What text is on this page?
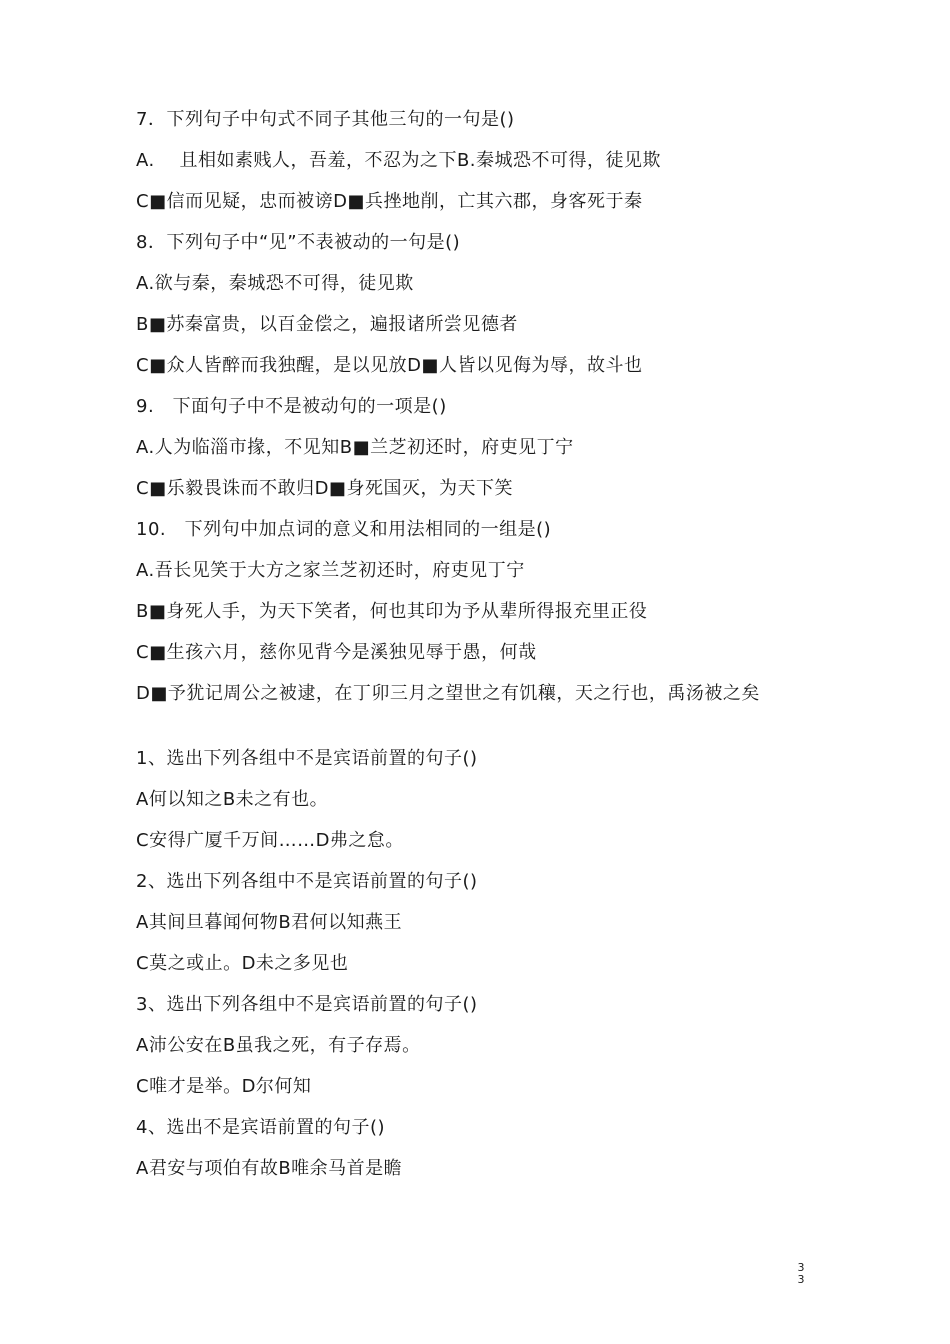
7．下列句子中句式不同子其他三句的一句是()
A.　 且相如素贱人，吾羞，不忍为之下B.秦城恐不可得，徒见欺
C■信而见疑，忠而被谤D■兵挫地削，亡其六郡，身客死于秦
8．下列句子中“见”不表被动的一句是()
A.欲与秦，秦城恐不可得，徒见欺
B■苏秦富贵，以百金偿之，遍报诸所尝见德者
C■众人皆醉而我独醒，是以见放D■人皆以见侮为辱，故斗也
9.　下面句子中不是被动句的一项是()
A.人为临淄市掾，不见知B■兰芝初还时，府吏见丁宁
C■乐毅畏诛而不敢归D■身死国灭，为天下笑
10.　下列句中加点词的意义和用法相同的一组是()
A.吾长见笑于大方之家兰芝初还时，府吏见丁宁
B■身死人手，为天下笑者，何也其印为予从辈所得报充里正役
C■生孩六月，慈你见背今是溪独见辱于愚，何哉
D■予犹记周公之被逮，在丁卯三月之望世之有饥穰，天之行也，禹汤被之矣
1、选出下列各组中不是宾语前置的句子()
A何以知之B未之有也。
C安得广厦千万间……D弗之怠。
2、选出下列各组中不是宾语前置的句子()
A其间旦暮闻何物B君何以知燕王
C莫之或止。D未之多见也
3、选出下列各组中不是宾语前置的句子()
A沛公安在B虽我之死，有子存焉。
C唯才是举。D尔何知
4、选出不是宾语前置的句子()
A君安与项伯有故B唯余马首是瞻
3
3
